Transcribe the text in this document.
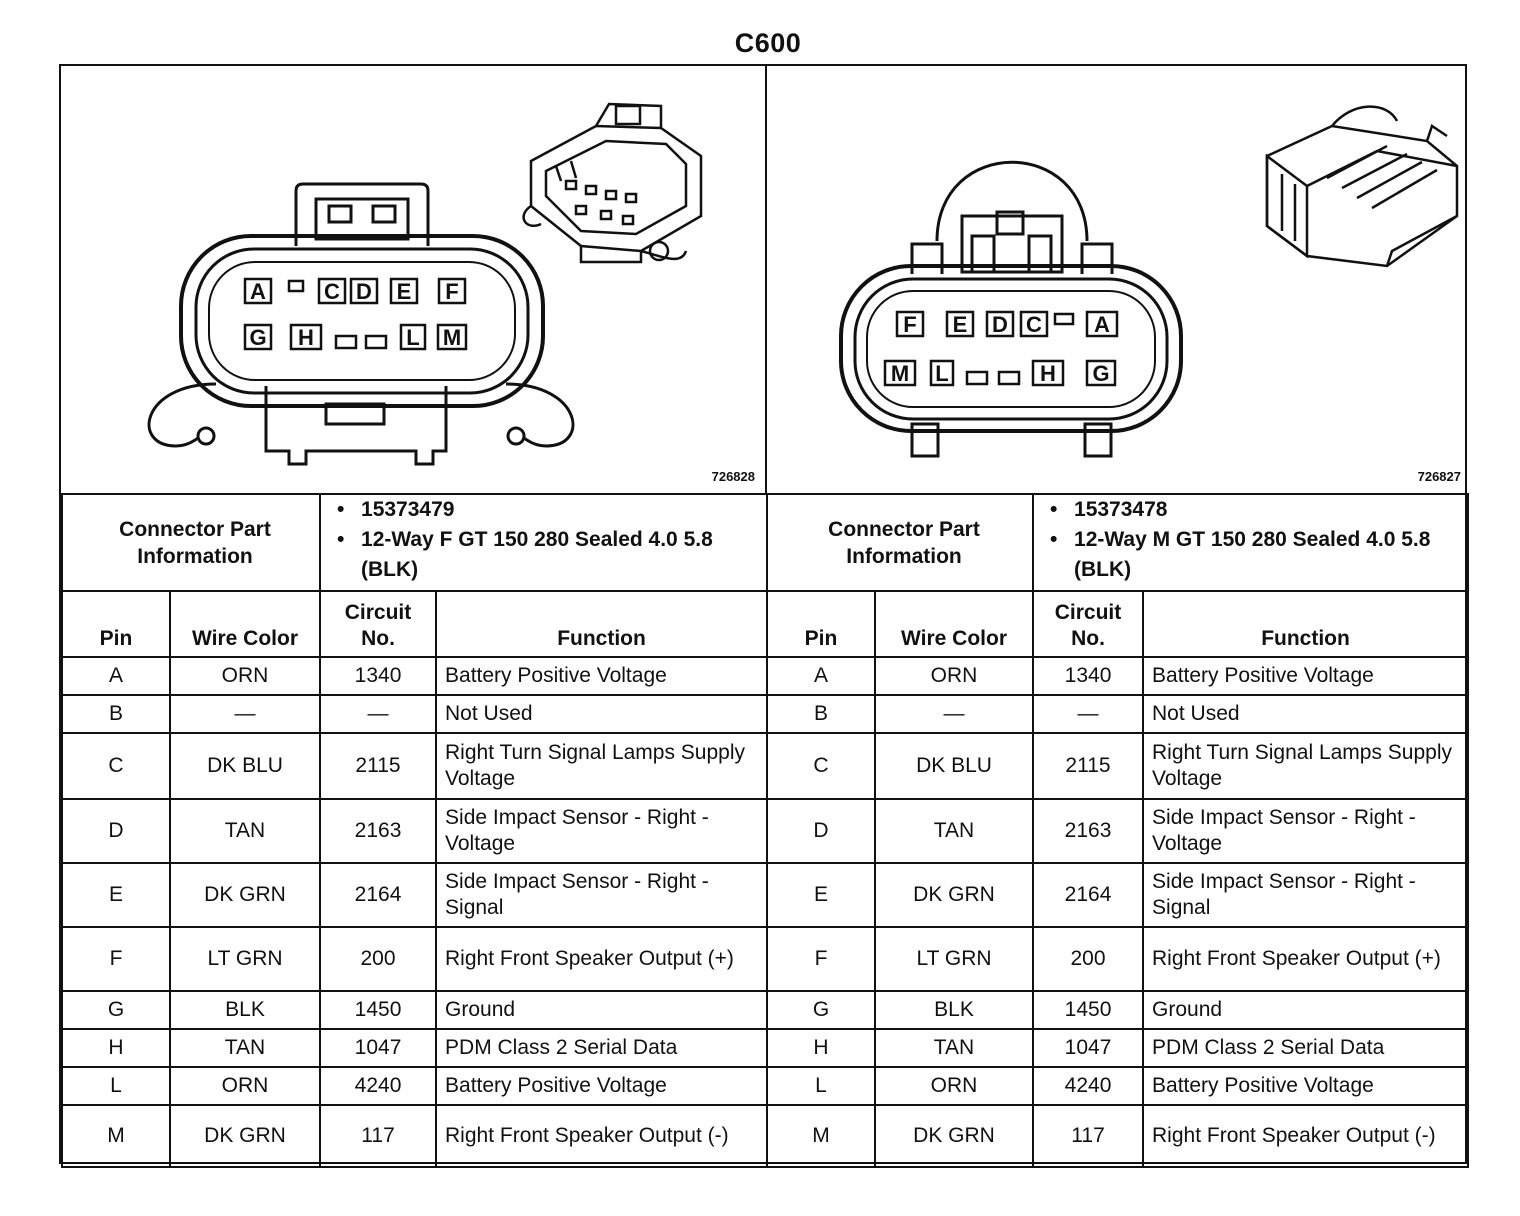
C600
A	C D E F
G H	L M
726828
F E D C A
M L	H G
726827
Connector Part Information		• 15373479
• 12-Way F GT 150 280 Sealed 4.0 5.8 (BLK)

Pin	Wire Color	Circuit No.	Function
A	ORN	1340	Battery Positive Voltage
B	—	—	Not Used
C	DK BLU	2115	Right Turn Signal Lamps Supply Voltage
D	TAN	2163	Side Impact Sensor - Right - Voltage
E	DK GRN	2164	Side Impact Sensor - Right - Signal
F	LT GRN	200	Right Front Speaker Output (+)
G	BLK	1450	Ground
H	TAN	1047	PDM Class 2 Serial Data
L	ORN	4240	Battery Positive Voltage
M	DK GRN	117	Right Front Speaker Output (-)
Connector Part Information		• 15373478
• 12-Way M GT 150 280 Sealed 4.0 5.8 (BLK)

Pin	Wire Color	Circuit No.	Function
A	ORN	1340	Battery Positive Voltage
B	—	—	Not Used
C	DK BLU	2115	Right Turn Signal Lamps Supply Voltage
D	TAN	2163	Side Impact Sensor - Right - Voltage
E	DK GRN	2164	Side Impact Sensor - Right - Signal
F	LT GRN	200	Right Front Speaker Output (+)
G	BLK	1450	Ground
H	TAN	1047	PDM Class 2 Serial Data
L	ORN	4240	Battery Positive Voltage
M	DK GRN	117	Right Front Speaker Output (-)
